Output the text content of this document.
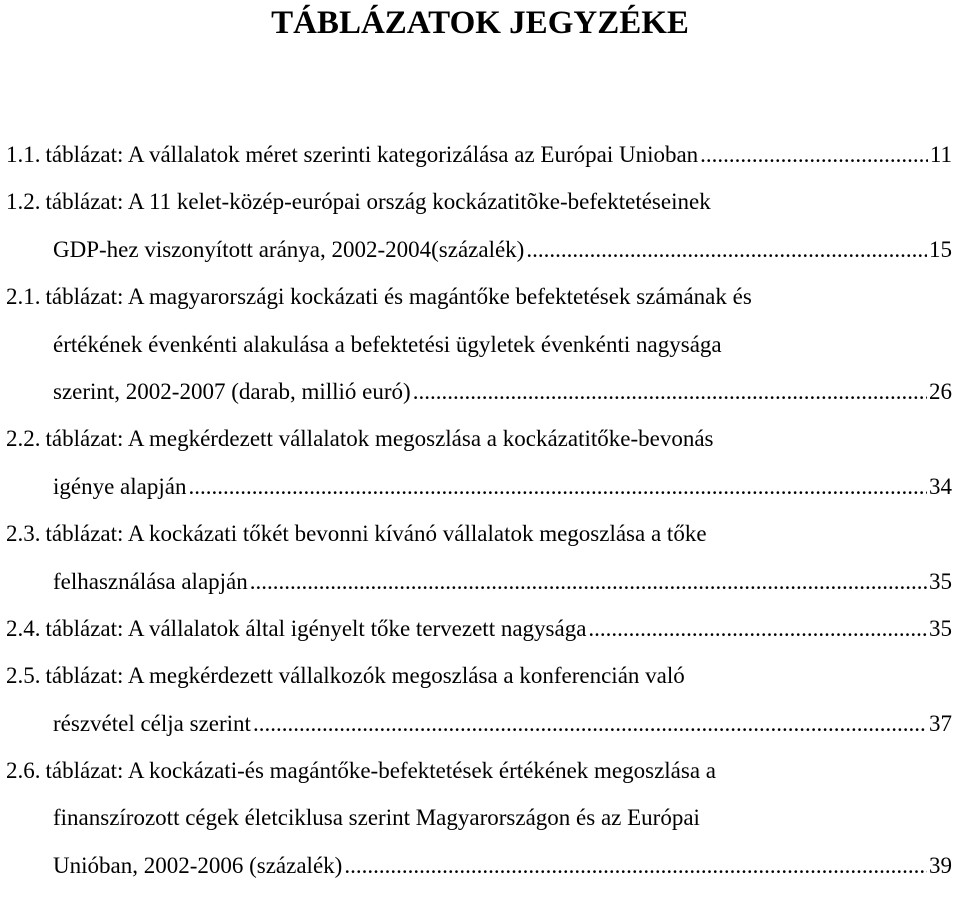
TÁBLÁZATOK JEGYZÉKE
1.1. táblázat: A vállalatok méret szerinti kategorizálása az Európai Unioban .....	11
1.2. táblázat: A 11 kelet-közép-európai ország kockázatitõke-befektetéseinek
GDP-hez viszonyított aránya, 2002-2004(százalék) .....	15
2.1. táblázat: A magyarországi kockázati és magántőke befektetések számának és
értékének évenkénti alakulása a befektetési ügyletek évenkénti nagysága
szerint, 2002-2007 (darab, millió euró) .....	26
2.2. táblázat: A megkérdezett vállalatok megoszlása a kockázatitőke-bevonás
igénye alapján .....	34
2.3. táblázat: A kockázati tőkét bevonni kívánó vállalatok megoszlása a tőke
felhasználása alapján .....	35
2.4. táblázat: A vállalatok által igényelt tőke tervezett nagysága .....	35
2.5. táblázat: A megkérdezett vállalkozók megoszlása a konferencián való
részvétel célja szerint .....	37
2.6. táblázat: A kockázati-és magántőke-befektetések értékének megoszlása a
finanszírozott cégek életciklusa szerint Magyarországon és az Európai
Unióban, 2002-2006 (százalék) .....	39
